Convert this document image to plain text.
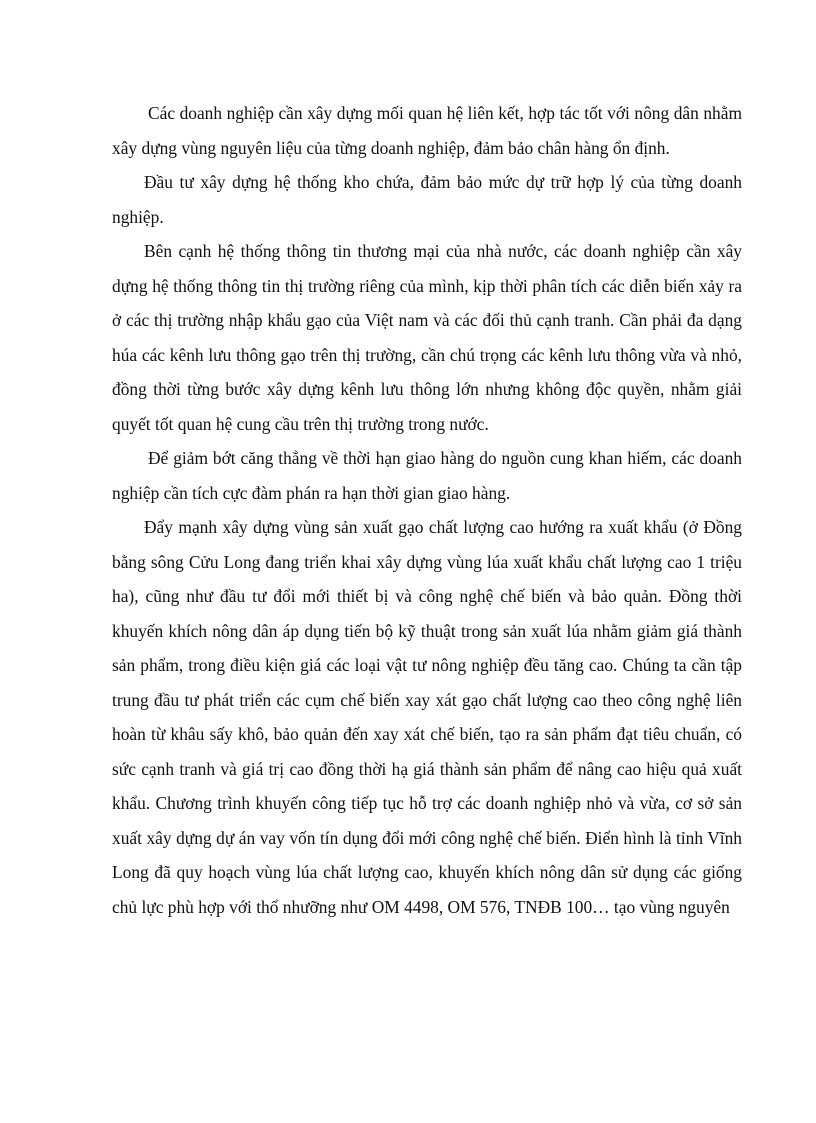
Các doanh nghiệp cần xây dựng mối quan hệ liên kết, hợp tác tốt với nông dân nhằm xây dựng vùng nguyên liệu của từng doanh nghiệp, đảm bảo chân hàng ổn định.

Đầu tư xây dựng hệ thống kho chứa, đảm bảo mức dự trữ hợp lý của từng doanh nghiệp.

Bên cạnh hệ thống thông tin thương mại của nhà nước, các doanh nghiệp cần xây dựng hệ thống thông tin thị trường riêng của mình, kịp thời phân tích các diễn biến xảy ra ở các thị trường nhập khẩu gạo của Việt nam và các đối thủ cạnh tranh. Cần phải đa dạng húa các kênh lưu thông gạo trên thị trường, cần chú trọng các kênh lưu thông vừa và nhỏ, đồng thời từng bước xây dựng kênh lưu thông lớn nhưng không độc quyền, nhằm giải quyết tốt quan hệ cung cầu trên thị trường trong nước.

Để giảm bớt căng thẳng về thời hạn giao hàng do nguồn cung khan hiếm, các doanh nghiệp cần tích cực đàm phán ra hạn thời gian giao hàng.

Đẩy mạnh xây dựng vùng sản xuất gạo chất lượng cao hướng ra xuất khẩu (ở Đồng bằng sông Cửu Long đang triển khai xây dựng vùng lúa xuất khẩu chất lượng cao 1 triệu ha), cũng như đầu tư đổi mới thiết bị và công nghệ chế biến và bảo quản. Đồng thời khuyến khích nông dân áp dụng tiến bộ kỹ thuật trong sản xuất lúa nhằm giảm giá thành sản phẩm, trong điều kiện giá các loại vật tư nông nghiệp đều tăng cao. Chúng ta cần tập trung đầu tư phát triển các cụm chế biến xay xát gạo chất lượng cao theo công nghệ liên hoàn từ khâu sấy khô, bảo quản đến xay xát chế biến, tạo ra sản phẩm đạt tiêu chuẩn, có sức cạnh tranh và giá trị cao đồng thời hạ giá thành sản phẩm để nâng cao hiệu quả xuất khẩu. Chương trình khuyến công tiếp tục hỗ trợ các doanh nghiệp nhỏ và vừa, cơ sở sản xuất xây dựng dự án vay vốn tín dụng đổi mới công nghệ chế biến. Điển hình là tỉnh Vĩnh Long đã quy hoạch vùng lúa chất lượng cao, khuyến khích nông dân sử dụng các giống chủ lực phù hợp với thổ nhưỡng như OM 4498, OM 576, TNĐB 100… tạo vùng nguyên
